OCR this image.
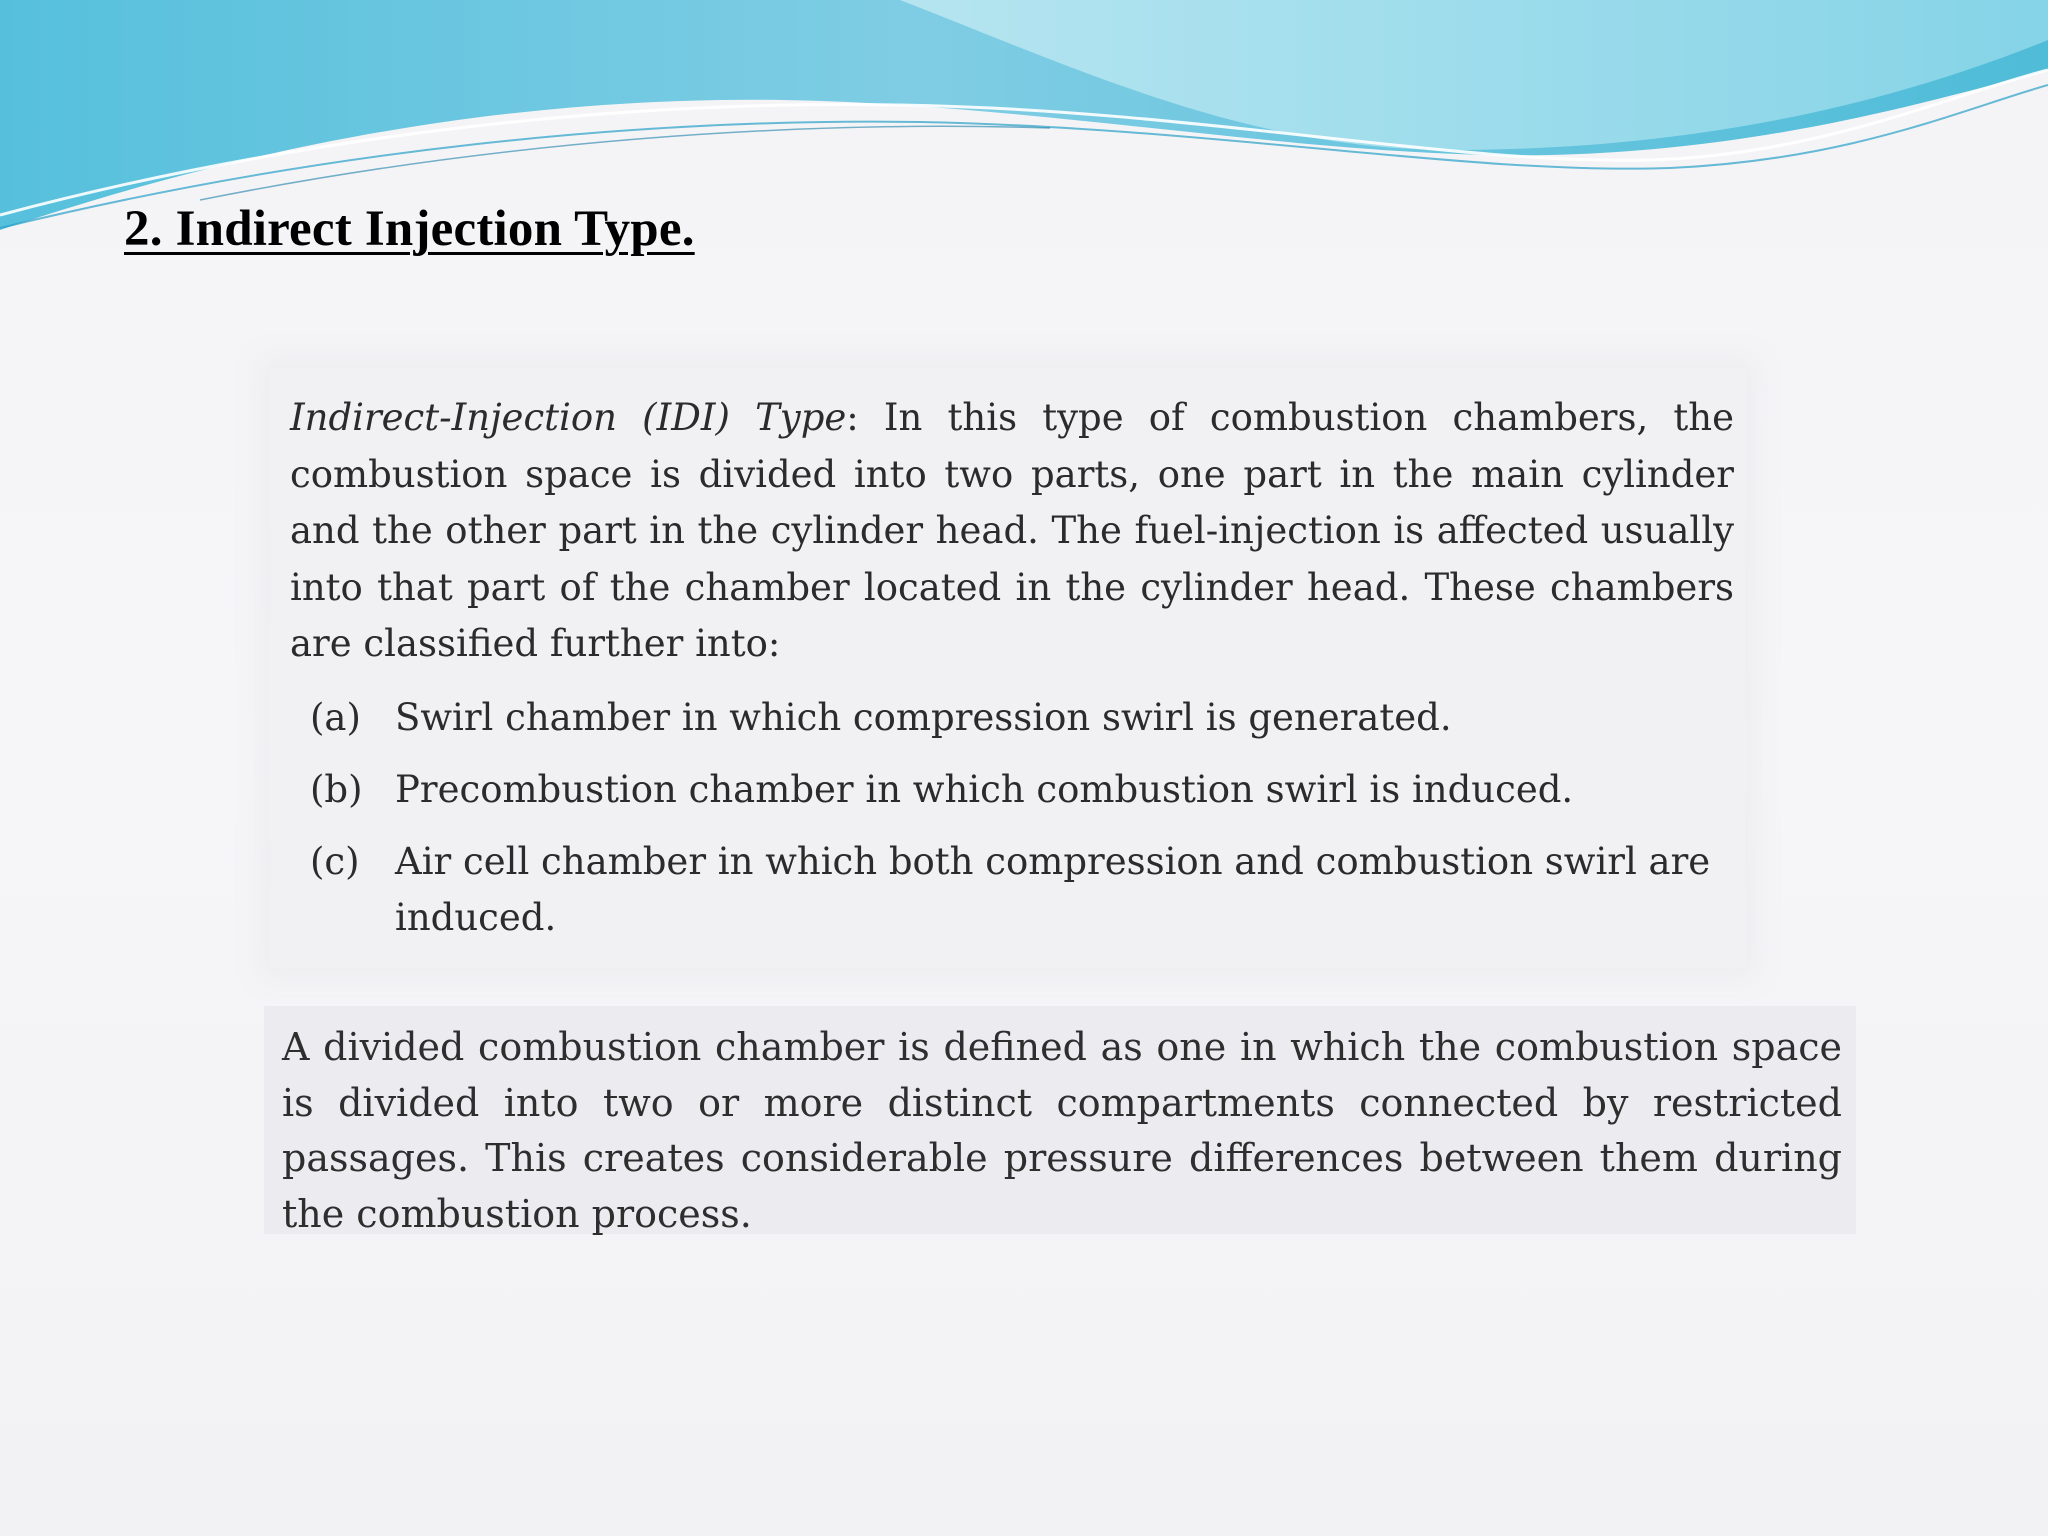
2. Indirect Injection Type.

Indirect-Injection (IDI) Type: In this type of combustion chambers, the combustion space is divided into two parts, one part in the main cylinder and the other part in the cylinder head. The fuel-injection is affected usually into that part of the chamber located in the cylinder head. These chambers are classified further into:

(a) Swirl chamber in which compression swirl is generated.
(b) Precombustion chamber in which combustion swirl is induced.
(c) Air cell chamber in which both compression and combustion swirl are induced.

A divided combustion chamber is defined as one in which the combustion space is divided into two or more distinct compartments connected by restricted passages. This creates considerable pressure differences between them during the combustion process.
